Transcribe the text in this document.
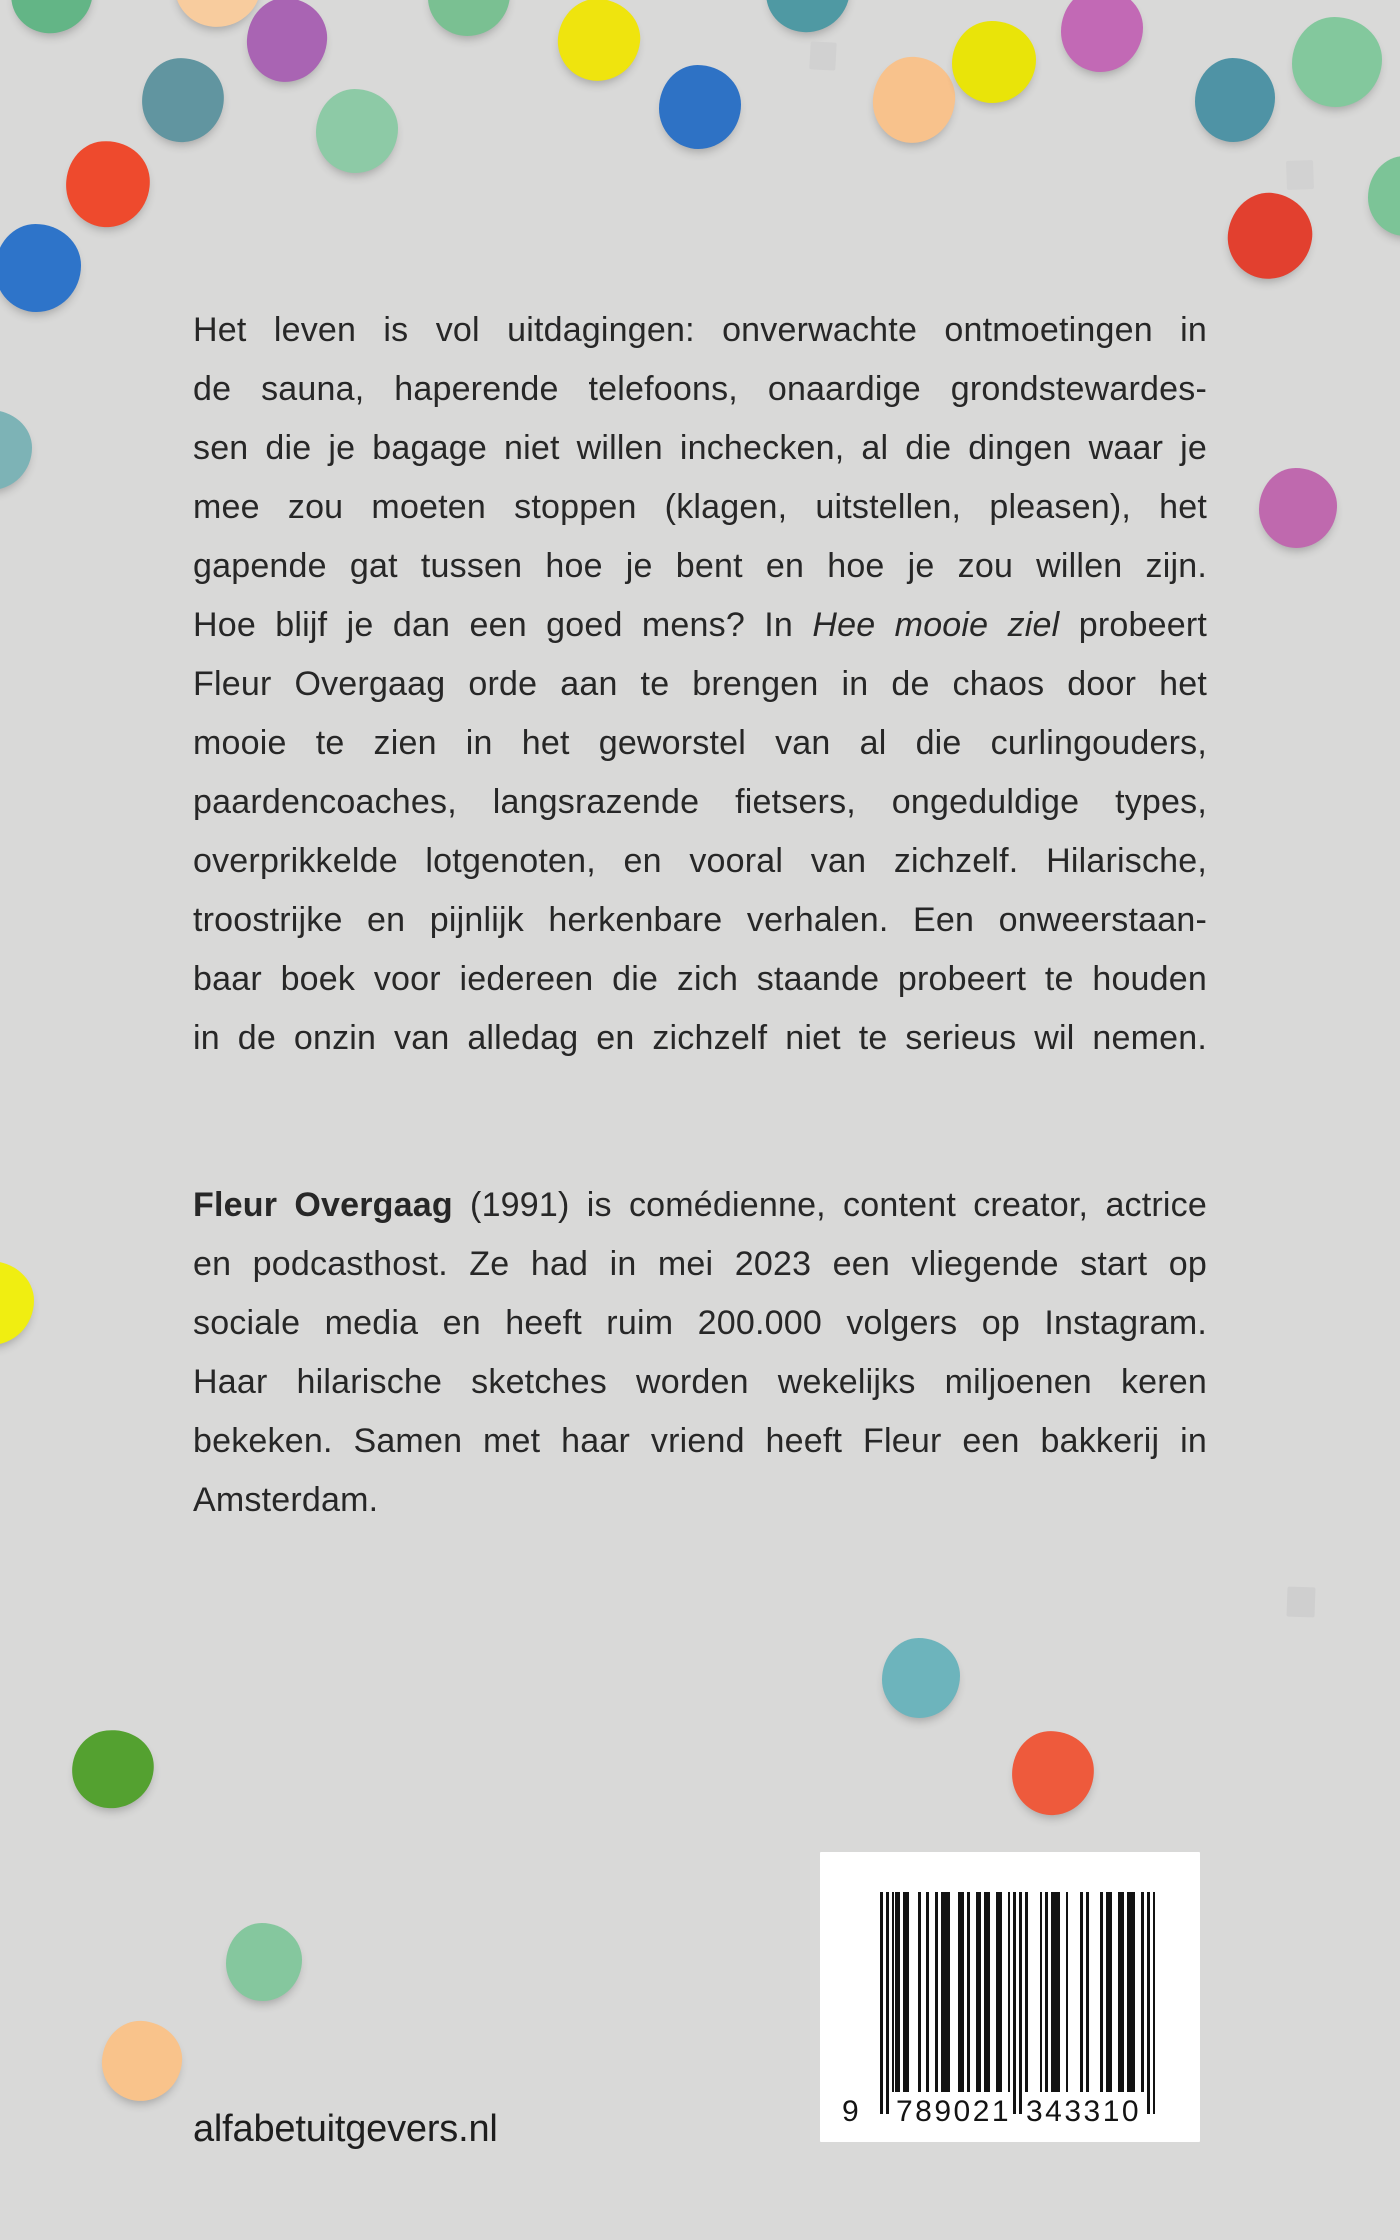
Het leven is vol uitdagingen: onverwachte ontmoetingen in
de sauna, haperende telefoons, onaardige grondstewardes-
sen die je bagage niet willen inchecken, al die dingen waar je
mee zou moeten stoppen (klagen, uitstellen, pleasen), het
gapende gat tussen hoe je bent en hoe je zou willen zijn.
Hoe blijf je dan een goed mens? In Hee mooie ziel probeert
Fleur Overgaag orde aan te brengen in de chaos door het
mooie te zien in het geworstel van al die curlingouders,
paardencoaches, langsrazende fietsers, ongeduldige types,
overprikkelde lotgenoten, en vooral van zichzelf. Hilarische,
troostrijke en pijnlijk herkenbare verhalen. Een onweerstaan-
baar boek voor iedereen die zich staande probeert te houden
in de onzin van alledag en zichzelf niet te serieus wil nemen.
Fleur Overgaag (1991) is comédienne, content creator, actrice
en podcasthost. Ze had in mei 2023 een vliegende start op
sociale media en heeft ruim 200.000 volgers op Instagram.
Haar hilarische sketches worden wekelijks miljoenen keren
bekeken. Samen met haar vriend heeft Fleur een bakkerij in
Amsterdam.
alfabetuitgevers.nl	9 789021 343310
